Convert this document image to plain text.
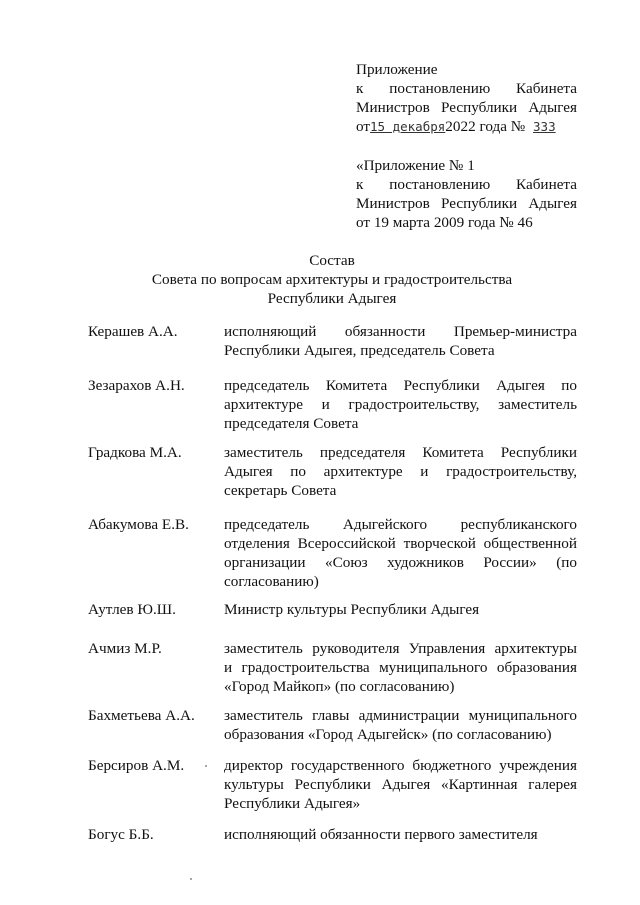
Приложение
к постановлению Кабинета
Министров Республики Адыгея
от15 декабря2022 года № 333
«Приложение № 1
к постановлению Кабинета
Министров Республики Адыгея
от 19 марта 2009 года № 46
Состав
Совета по вопросам архитектуры и градостроительства
Республики Адыгея
Керашев А.А.	исполняющий обязанности Премьер-министра
Республики Адыгея, председатель Совета
Зезарахов А.Н.	председатель Комитета Республики Адыгея по
архитектуре и градостроительству, заместитель
председателя Совета
Градкова М.А.	заместитель председателя Комитета Республики
Адыгея по архитектуре и градостроительству,
секретарь Совета
Абакумова Е.В. председатель Адыгейского республиканского
отделения Всероссийской творческой общественной
организации «Союз художников России» (по
согласованию)
Аутлев Ю.Ш.	Министр культуры Республики Адыгея
Ачмиз М.Р.	заместитель руководителя Управления архитектуры
и градостроительства муниципального образования
«Город Майкоп» (по согласованию)
Бахметьева А.А. заместитель главы администрации муниципального
образования «Город Адыгейск» (по согласованию)
Берсиров А.М.	директор государственного бюджетного учреждения
культуры Республики Адыгея «Картинная галерея
Республики Адыгея»
Богус Б.Б.	исполняющий обязанности первого заместителя
